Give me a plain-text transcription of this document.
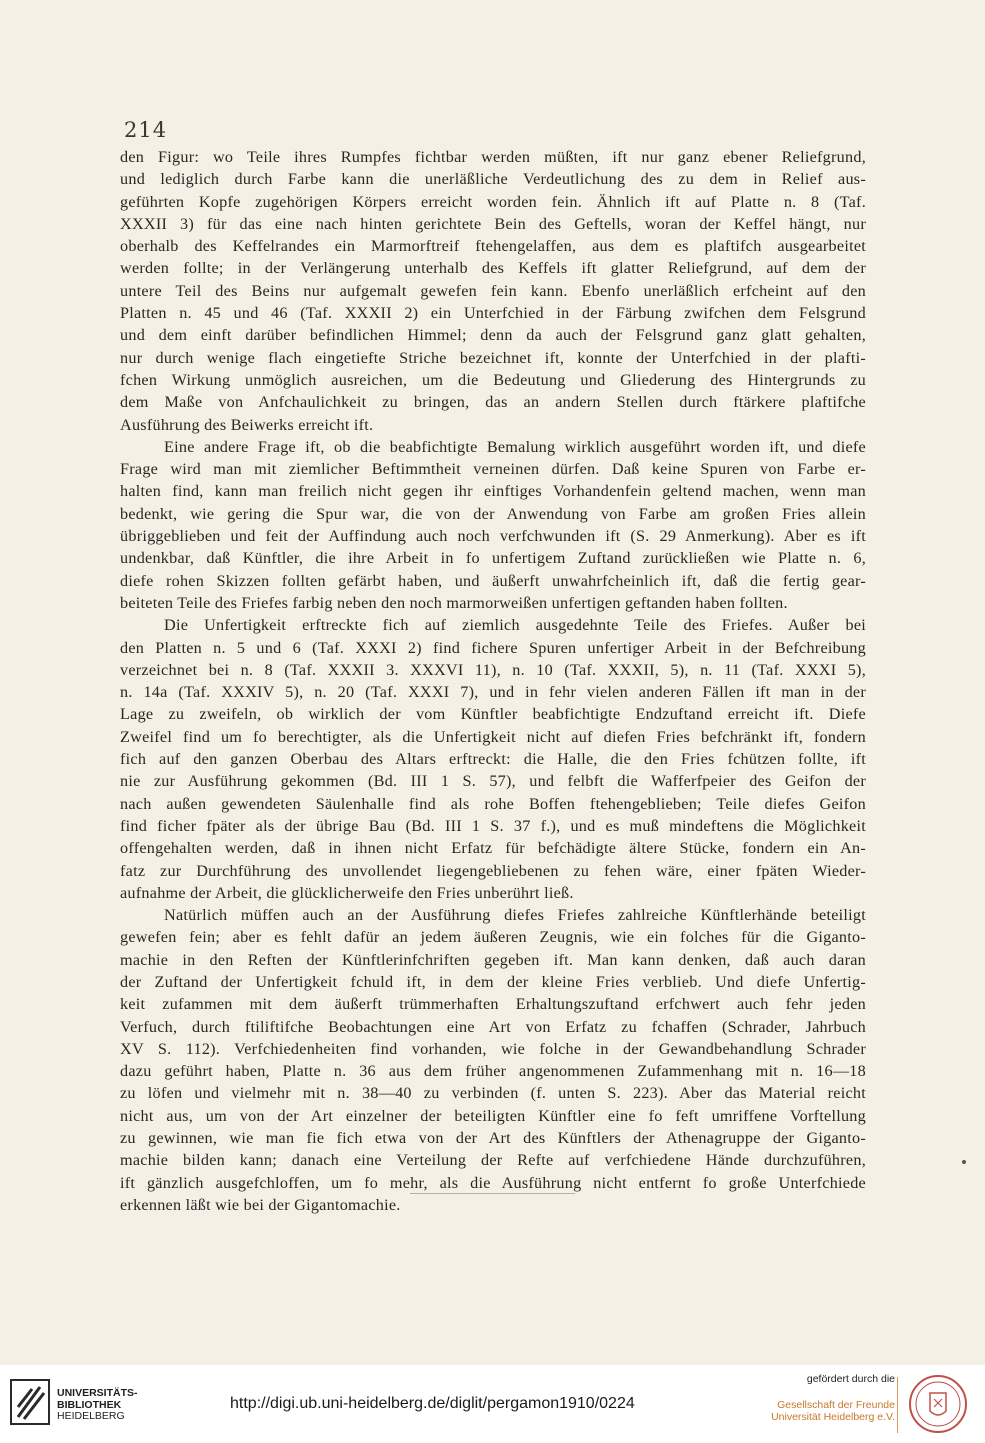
214
den Figur: wo Teile ihres Rumpfes fichtbar werden müßten, ift nur ganz ebener Reliefgrund,
und lediglich durch Farbe kann die unerläßliche Verdeutlichung des zu dem in Relief aus-
geführten Kopfe zugehörigen Körpers erreicht worden fein. Ähnlich ift auf Platte n. 8 (Taf.
XXXII 3) für das eine nach hinten gerichtete Bein des Geftells, woran der Keffel hängt, nur
oberhalb des Keffelrandes ein Marmorftreif ftehengelaffen, aus dem es plaftifch ausgearbeitet
werden follte; in der Verlängerung unterhalb des Keffels ift glatter Reliefgrund, auf dem der
untere Teil des Beins nur aufgemalt gewefen fein kann. Ebenfo unerläßlich erfcheint auf den
Platten n. 45 und 46 (Taf. XXXII 2) ein Unterfchied in der Färbung zwifchen dem Felsgrund
und dem einft darüber befindlichen Himmel; denn da auch der Felsgrund ganz glatt gehalten,
nur durch wenige flach eingetiefte Striche bezeichnet ift, konnte der Unterfchied in der plafti-
fchen Wirkung unmöglich ausreichen, um die Bedeutung und Gliederung des Hintergrunds zu
dem Maße von Anfchaulichkeit zu bringen, das an andern Stellen durch ftärkere plaftifche
Ausführung des Beiwerks erreicht ift.
Eine andere Frage ift, ob die beabfichtigte Bemalung wirklich ausgeführt worden ift, und diefe
Frage wird man mit ziemlicher Beftimmtheit verneinen dürfen. Daß keine Spuren von Farbe er-
halten find, kann man freilich nicht gegen ihr einftiges Vorhandenfein geltend machen, wenn man
bedenkt, wie gering die Spur war, die von der Anwendung von Farbe am großen Fries allein
übriggeblieben und feit der Auffindung auch noch verfchwunden ift (S. 29 Anmerkung). Aber es ift
undenkbar, daß Künftler, die ihre Arbeit in fo unfertigem Zuftand zurückließen wie Platte n. 6,
diefe rohen Skizzen follten gefärbt haben, und äußerft unwahrfcheinlich ift, daß die fertig gear-
beiteten Teile des Friefes farbig neben den noch marmorweißen unfertigen geftanden haben follten.
Die Unfertigkeit erftreckte fich auf ziemlich ausgedehnte Teile des Friefes. Außer bei
den Platten n. 5 und 6 (Taf. XXXI 2) find fichere Spuren unfertiger Arbeit in der Befchreibung
verzeichnet bei n. 8 (Taf. XXXII 3. XXXVI 11), n. 10 (Taf. XXXII, 5), n. 11 (Taf. XXXI 5),
n. 14a (Taf. XXXIV 5), n. 20 (Taf. XXXI 7), und in fehr vielen anderen Fällen ift man in der
Lage zu zweifeln, ob wirklich der vom Künftler beabfichtigte Endzuftand erreicht ift. Diefe
Zweifel find um fo berechtigter, als die Unfertigkeit nicht auf diefen Fries befchränkt ift, fondern
fich auf den ganzen Oberbau des Altars erftreckt: die Halle, die den Fries fchützen follte, ift
nie zur Ausführung gekommen (Bd. III 1 S. 57), und felbft die Wafferfpeier des Geifon der
nach außen gewendeten Säulenhalle find als rohe Boffen ftehengeblieben; Teile diefes Geifon
find ficher fpäter als der übrige Bau (Bd. III 1 S. 37 f.), und es muß mindeftens die Möglichkeit
offengehalten werden, daß in ihnen nicht Erfatz für befchädigte ältere Stücke, fondern ein An-
fatz zur Durchführung des unvollendet liegengebliebenen zu fehen wäre, einer fpäten Wieder-
aufnahme der Arbeit, die glücklicherweife den Fries unberührt ließ.
Natürlich müffen auch an der Ausführung diefes Friefes zahlreiche Künftlerhände beteiligt
gewefen fein; aber es fehlt dafür an jedem äußeren Zeugnis, wie ein folches für die Giganto-
machie in den Reften der Künftlerinfchriften gegeben ift. Man kann denken, daß auch daran
der Zuftand der Unfertigkeit fchuld ift, in dem der kleine Fries verblieb. Und diefe Unfertig-
keit zufammen mit dem äußerft trümmerhaften Erhaltungszuftand erfchwert auch fehr jeden
Verfuch, durch ftiliftifche Beobachtungen eine Art von Erfatz zu fchaffen (Schrader, Jahrbuch
XV S. 112). Verfchiedenheiten find vorhanden, wie folche in der Gewandbehandlung Schrader
dazu geführt haben, Platte n. 36 aus dem früher angenommenen Zufammenhang mit n. 16—18
zu löfen und vielmehr mit n. 38—40 zu verbinden (f. unten S. 223). Aber das Material reicht
nicht aus, um von der Art einzelner der beteiligten Künftler eine fo feft umriffene Vorftellung
zu gewinnen, wie man fie fich etwa von der Art des Künftlers der Athenagruppe der Giganto-
machie bilden kann; danach eine Verteilung der Refte auf verfchiedene Hände durchzuführen,
ift gänzlich ausgefchloffen, um fo mehr, als die Ausführung nicht entfernt fo große Unterfchiede
erkennen läßt wie bei der Gigantomachie.
UNIVERSITÄTS-
BIBLIOTHEK
HEIDELBERG
http://digi.ub.uni-heidelberg.de/diglit/pergamon1910/0224
gefördert durch die
Gesellschaft der Freunde
Universität Heidelberg e.V.
